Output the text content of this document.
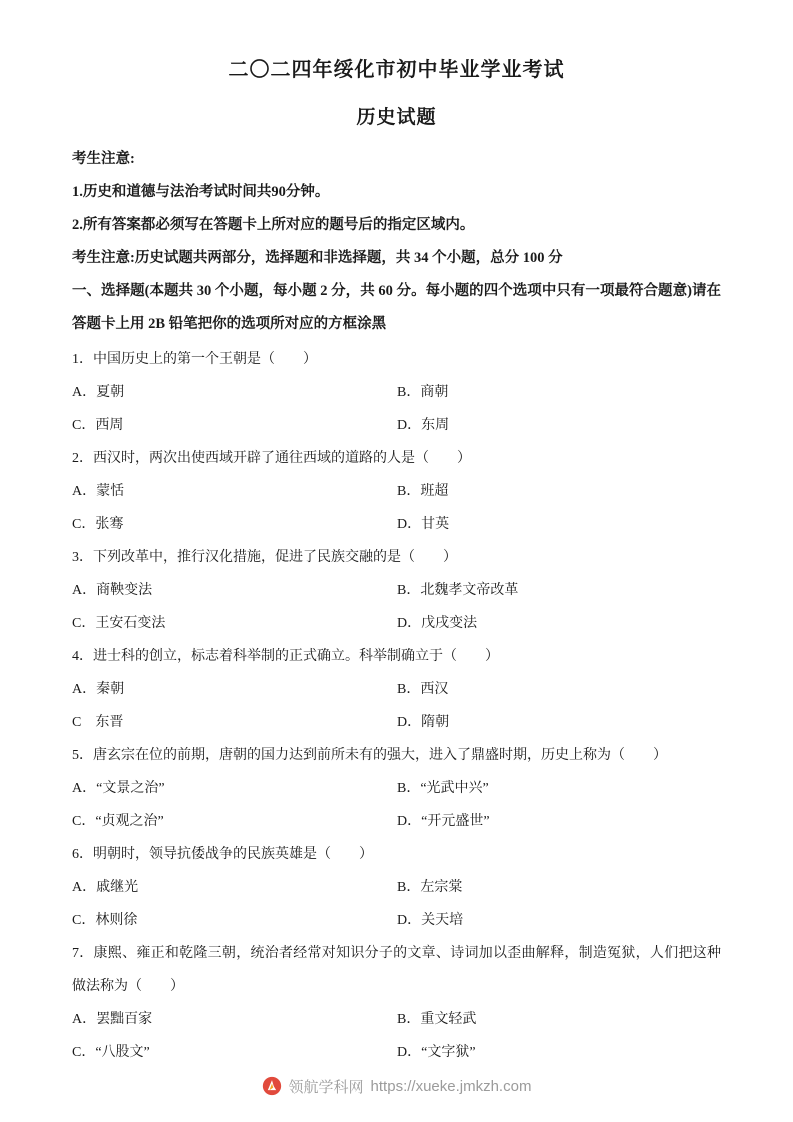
二〇二四年绥化市初中毕业学业考试
历史试题

考生注意:

1.历史和道德与法治考试时间共90分钟。

2.所有答案都必须写在答题卡上所对应的题号后的指定区域内。

考生注意:历史试题共两部分，选择题和非选择题，共 34 个小题，总分 100 分

一、选择题(本题共 30 个小题，每小题 2 分，共 60 分。每小题的四个选项中只有一项最符合题意)请在答题卡上用 2B 铅笔把你的选项所对应的方框涂黑

1．中国历史上的第一个王朝是（　　）
A．夏朝	B．商朝
C．西周	D．东周
2．西汉时，两次出使西域开辟了通往西域的道路的人是（　　）
A．蒙恬	B．班超
C．张骞	D．甘英
3．下列改革中，推行汉化措施，促进了民族交融的是（　　）
A．商鞅变法	B．北魏孝文帝改革
C．王安石变法	D．戊戌变法
4．进士科的创立，标志着科举制的正式确立。科举制确立于（　　）
A．秦朝	B．西汉
C　东晋	D．隋朝
5．唐玄宗在位的前期，唐朝的国力达到前所未有的强大，进入了鼎盛时期，历史上称为（　　）
A．“文景之治”	B．“光武中兴”
C．“贞观之治”	D．“开元盛世”
6．明朝时，领导抗倭战争的民族英雄是（　　）
A．戚继光	B．左宗棠
C．林则徐	D．关天培
7．康熙、雍正和乾隆三朝，统治者经常对知识分子的文章、诗词加以歪曲解释，制造冤狱，人们把这种做法称为（　　）
A．罢黜百家	B．重文轻武
C．“八股文”	D．“文字狱”
领航学科网 https://xueke.jmkzh.com
